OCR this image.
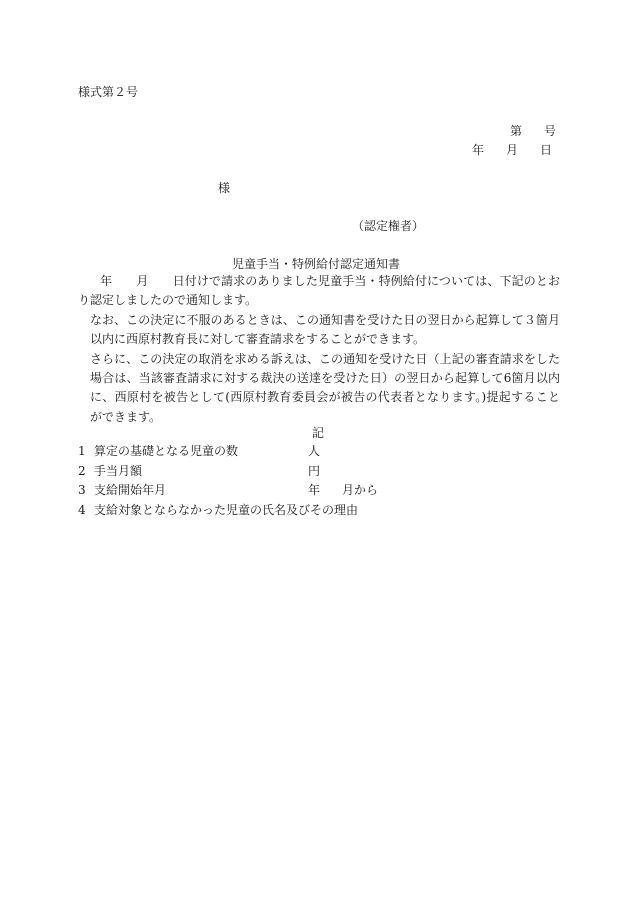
様式第２号
第 号
年 月 日
様
（認定権者）
児童手当・特例給付認定通知書

年 月 日付けで請求のありました児童手当・特例給付については、下記のとおり認定しましたので通知します。

なお、この決定に不服のあるときは、この通知書を受けた日の翌日から起算して３箇月以内に西原村教育長に対して審査請求をすることができます。

さらに、この決定の取消を求める訴えは、この通知を受けた日（上記の審査請求をした場合は、当該審査請求に対する裁決の送達を受けた日）の翌日から起算して6箇月以内に、西原村を被告として(西原村教育委員会が被告の代表者となります。)提起することができます。

記
1 算定の基礎となる児童の数	人
2 手当月額	円
3 支給開始年月	年 月から
4 支給対象とならなかった児童の氏名及びその理由
